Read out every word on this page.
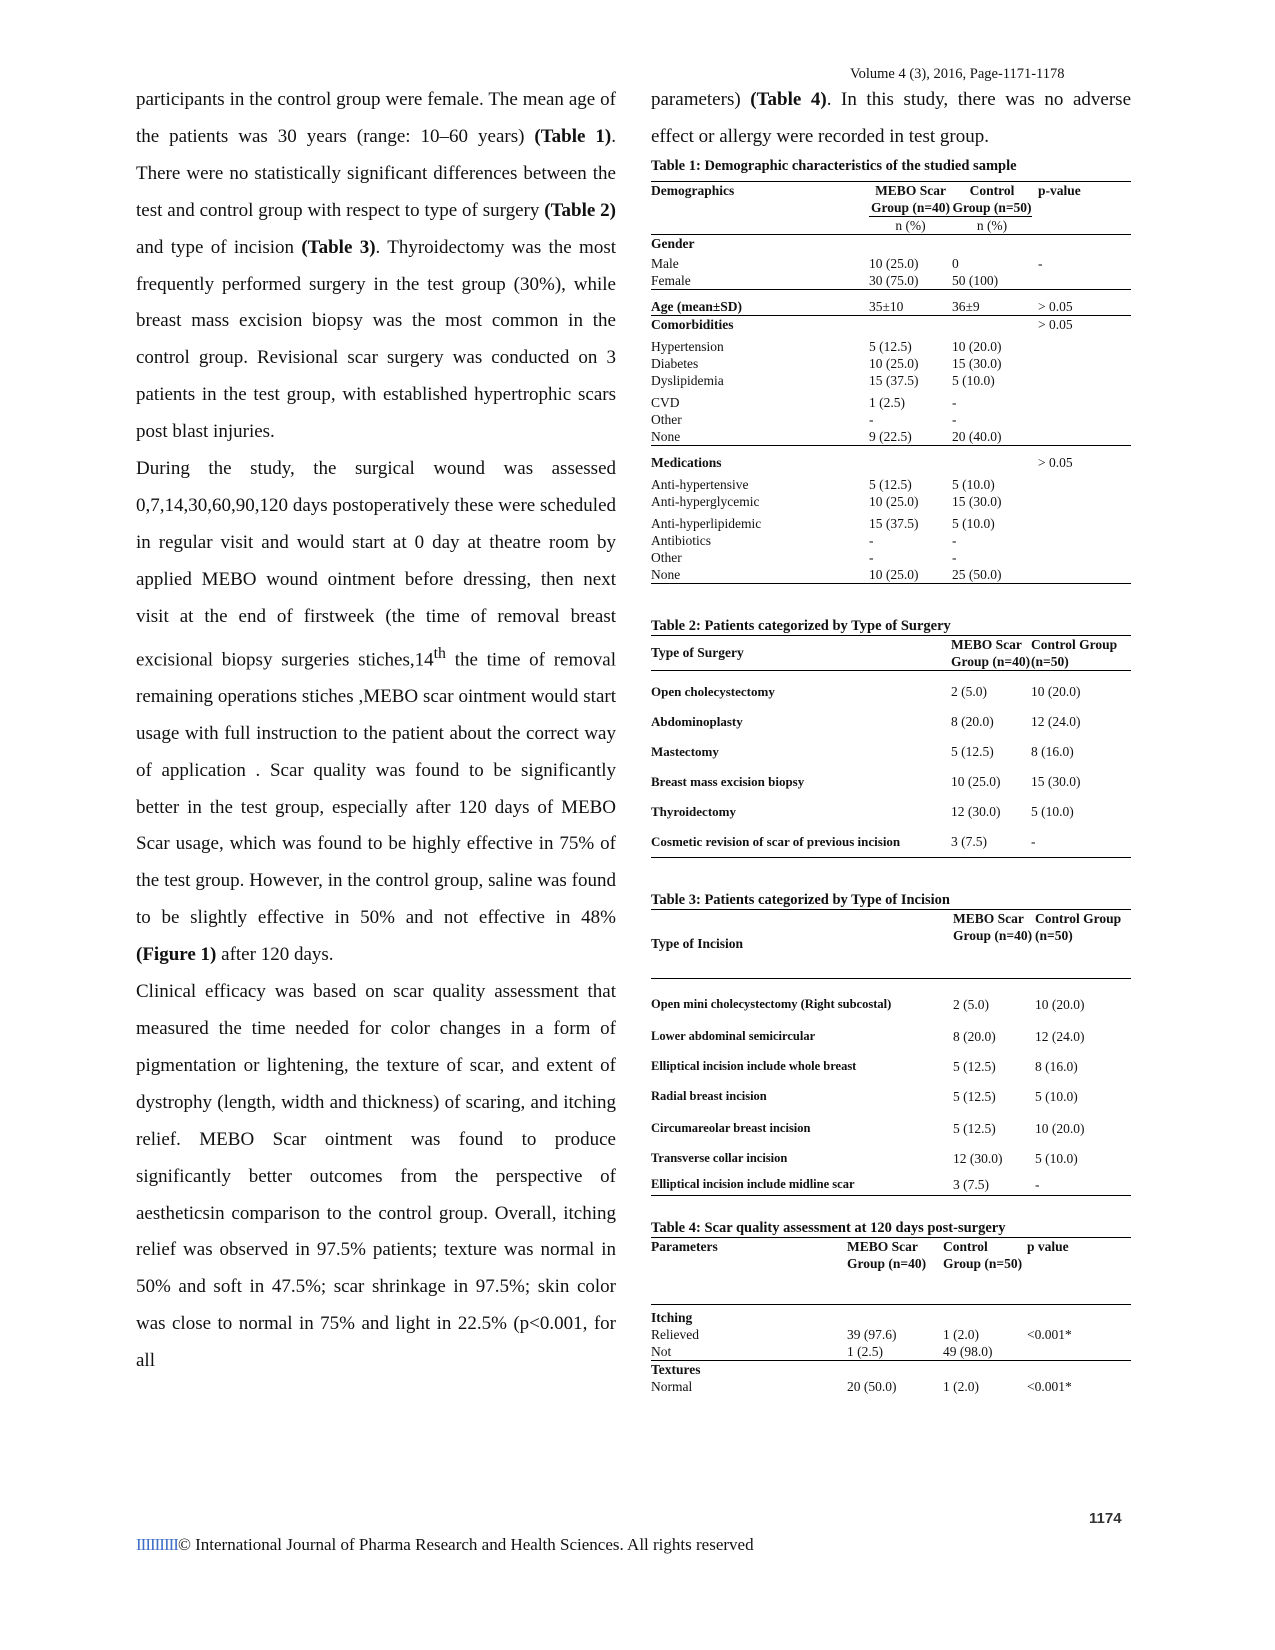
Volume 4 (3), 2016, Page-1171-1178

participants in the control group were female. The mean age of the patients was 30 years (range: 10–60 years) (Table 1). There were no statistically significant differences between the test and control group with respect to type of surgery (Table 2) and type of incision (Table 3). Thyroidectomy was the most frequently performed surgery in the test group (30%), while breast mass excision biopsy was the most common in the control group. Revisional scar surgery was conducted on 3 patients in the test group, with established hypertrophic scars post blast injuries.

During the study, the surgical wound was assessed 0,7,14,30,60,90,120 days postoperatively these were scheduled in regular visit and would start at 0 day at theatre room by applied MEBO wound ointment before dressing, then next visit at the end of firstweek (the time of removal breast excisional biopsy surgeries stiches,14th the time of removal remaining operations stiches ,MEBO scar ointment would start usage with full instruction to the patient about the correct way of application . Scar quality was found to be significantly better in the test group, especially after 120 days of MEBO Scar usage, which was found to be highly effective in 75% of the test group. However, in the control group, saline was found to be slightly effective in 50% and not effective in 48% (Figure 1) after 120 days.

Clinical efficacy was based on scar quality assessment that measured the time needed for color changes in a form of pigmentation or lightening, the texture of scar, and extent of dystrophy (length, width and thickness) of scaring, and itching relief. MEBO Scar ointment was found to produce significantly better outcomes from the perspective of aestheticsin comparison to the control group. Overall, itching relief was observed in 97.5% patients; texture was normal in 50% and soft in 47.5%; scar shrinkage in 97.5%; skin color was close to normal in 75% and light in 22.5% (p<0.001, for all

parameters) (Table 4). In this study, there was no adverse effect or allergy were recorded in test group.

Table 1: Demographic characteristics of the studied sample
Demographics	MEBO Scar Group (n=40)	Control Group (n=50)	p-value
	n (%)	n (%)	
Gender			
Male	10 (25.0)	0	-
Female	30 (75.0)	50 (100)	
Age (mean±SD)	35±10	36±9	> 0.05
Comorbidities			> 0.05
Hypertension	5 (12.5)	10 (20.0)	
Diabetes	10 (25.0)	15 (30.0)	
Dyslipidemia	15 (37.5)	5 (10.0)	
CVD	1 (2.5)	-	
Other	-	-	
None	9 (22.5)	20 (40.0)	
Medications			> 0.05
Anti-hypertensive	5 (12.5)	5 (10.0)	
Anti-hyperglycemic	10 (25.0)	15 (30.0)	
Anti-hyperlipidemic	15 (37.5)	5 (10.0)	
Antibiotics	-	-	
Other	-	-	
None	10 (25.0)	25 (50.0)	
Table 2: Patients categorized by Type of Surgery
Type of Surgery	MEBO Scar Group (n=40)	Control Group (n=50)
Open cholecystectomy	2 (5.0)	10 (20.0)
Abdominoplasty	8 (20.0)	12 (24.0)
Mastectomy	5 (12.5)	8 (16.0)
Breast mass excision biopsy	10 (25.0)	15 (30.0)
Thyroidectomy	12 (30.0)	5 (10.0)
Cosmetic revision of scar of previous incision	3 (7.5)	-
Table 3: Patients categorized by Type of Incision
Type of Incision	MEBO Scar Group (n=40)	Control Group (n=50)
Open mini cholecystectomy (Right subcostal)	2 (5.0)	10 (20.0)
Lower abdominal semicircular	8 (20.0)	12 (24.0)
Elliptical incision include whole breast	5 (12.5)	8 (16.0)
Radial breast incision	5 (12.5)	5 (10.0)
Circumareolar breast incision	5 (12.5)	10 (20.0)
Transverse collar incision	12 (30.0)	5 (10.0)
Elliptical incision include midline scar	3 (7.5)	-
Table 4: Scar quality assessment at 120 days post-surgery
Parameters	MEBO Scar Group (n=40)	Control Group (n=50)	p value
Itching			
Relieved	39 (97.6)	1 (2.0)	<0.001*
Not	1 (2.5)	49 (98.0)	
Textures			
Normal	20 (50.0)	1 (2.0)	<0.001*
1174
IIIIIIIII© International Journal of Pharma Research and Health Sciences. All rights reserved
